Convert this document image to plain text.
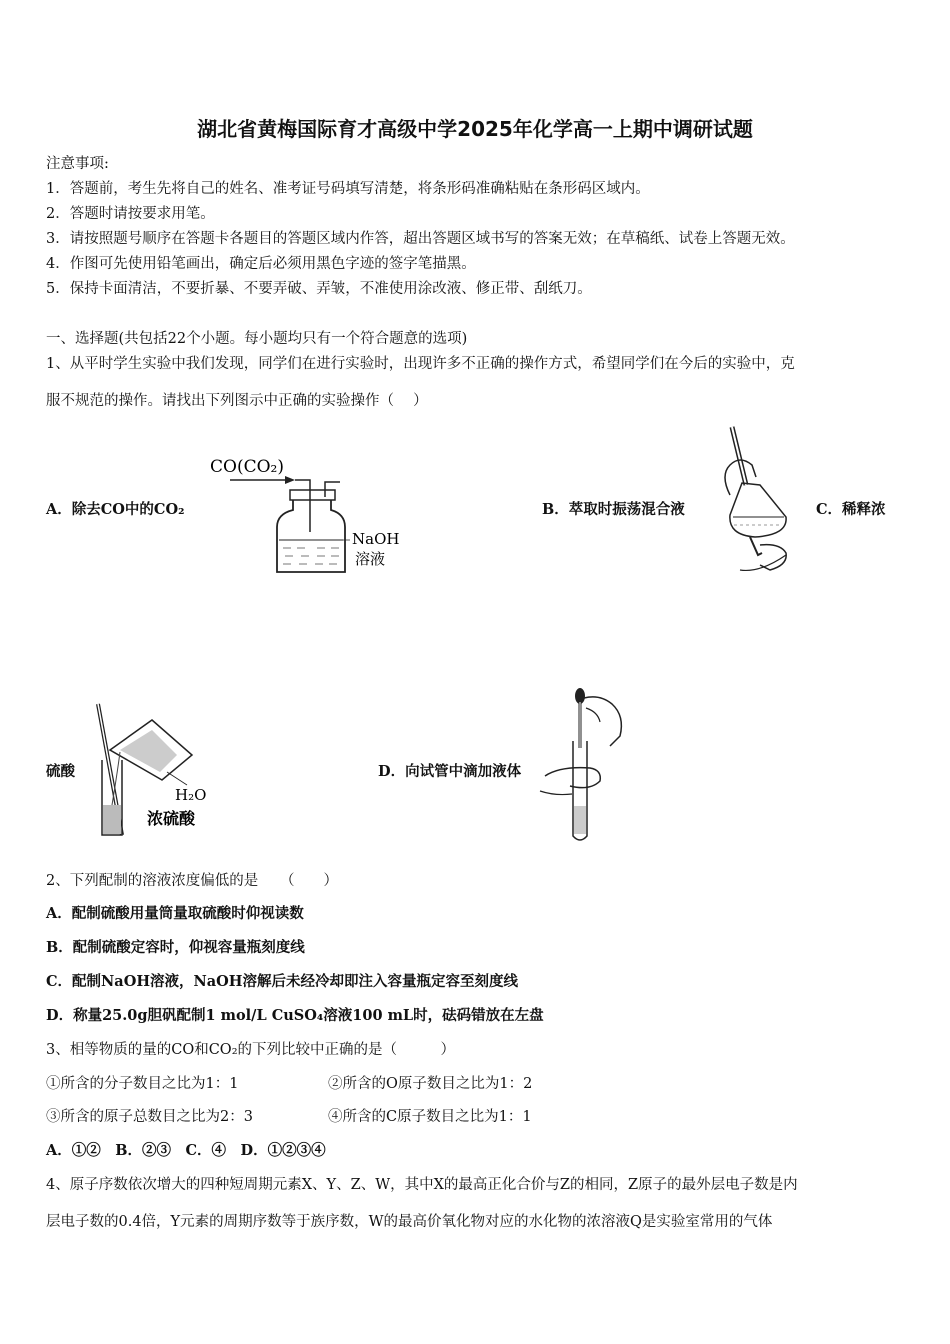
湖北省黄梅国际育才高级中学2025年化学高一上期中调研试题
注意事项:
1．答题前，考生先将自己的姓名、准考证号码填写清楚，将条形码准确粘贴在条形码区域内。
2．答题时请按要求用笔。
3．请按照题号顺序在答题卡各题目的答题区域内作答，超出答题区域书写的答案无效；在草稿纸、试卷上答题无效。
4．作图可先使用铅笔画出，确定后必须用黑色字迹的签字笔描黑。
5．保持卡面清洁，不要折暴、不要弄破、弄皱，不准使用涂改液、修正带、刮纸刀。
一、选择题(共包括22个小题。每小题均只有一个符合题意的选项)
1、从平时学生实验中我们发现，同学们在进行实验时，出现许多不正确的操作方式，希望同学们在今后的实验中，克
服不规范的操作。请找出下列图示中正确的实验操作（　 ）
A．除去CO中的CO₂	B．萃取时振荡混合液	C．稀释浓
硫酸	D．向试管中滴加液体
CO(CO₂)
NaOH
溶液
H₂O
浓硫酸
2、下列配制的溶液浓度偏低的是　　（　　）
A．配制硫酸用量筒量取硫酸时仰视读数
B．配制硫酸定容时，仰视容量瓶刻度线
C．配制NaOH溶液，NaOH溶解后未经冷却即注入容量瓶定容至刻度线
D．称量25.0g胆矾配制1 mol/L CuSO₄溶液100 mL时，砝码错放在左盘
3、相等物质的量的CO和CO₂的下列比较中正确的是（　　　）
①所含的分子数目之比为1：1	②所含的O原子数目之比为1：2
③所含的原子总数目之比为2：3	④所含的C原子数目之比为1：1
A．①②　B．②③　C．④　D．①②③④
4、原子序数依次增大的四种短周期元素X、Y、Z、W，其中X的最高正化合价与Z的相同，Z原子的最外层电子数是内
层电子数的0.4倍，Y元素的周期序数等于族序数，W的最高价氧化物对应的水化物的浓溶液Q是实验室常用的气体
